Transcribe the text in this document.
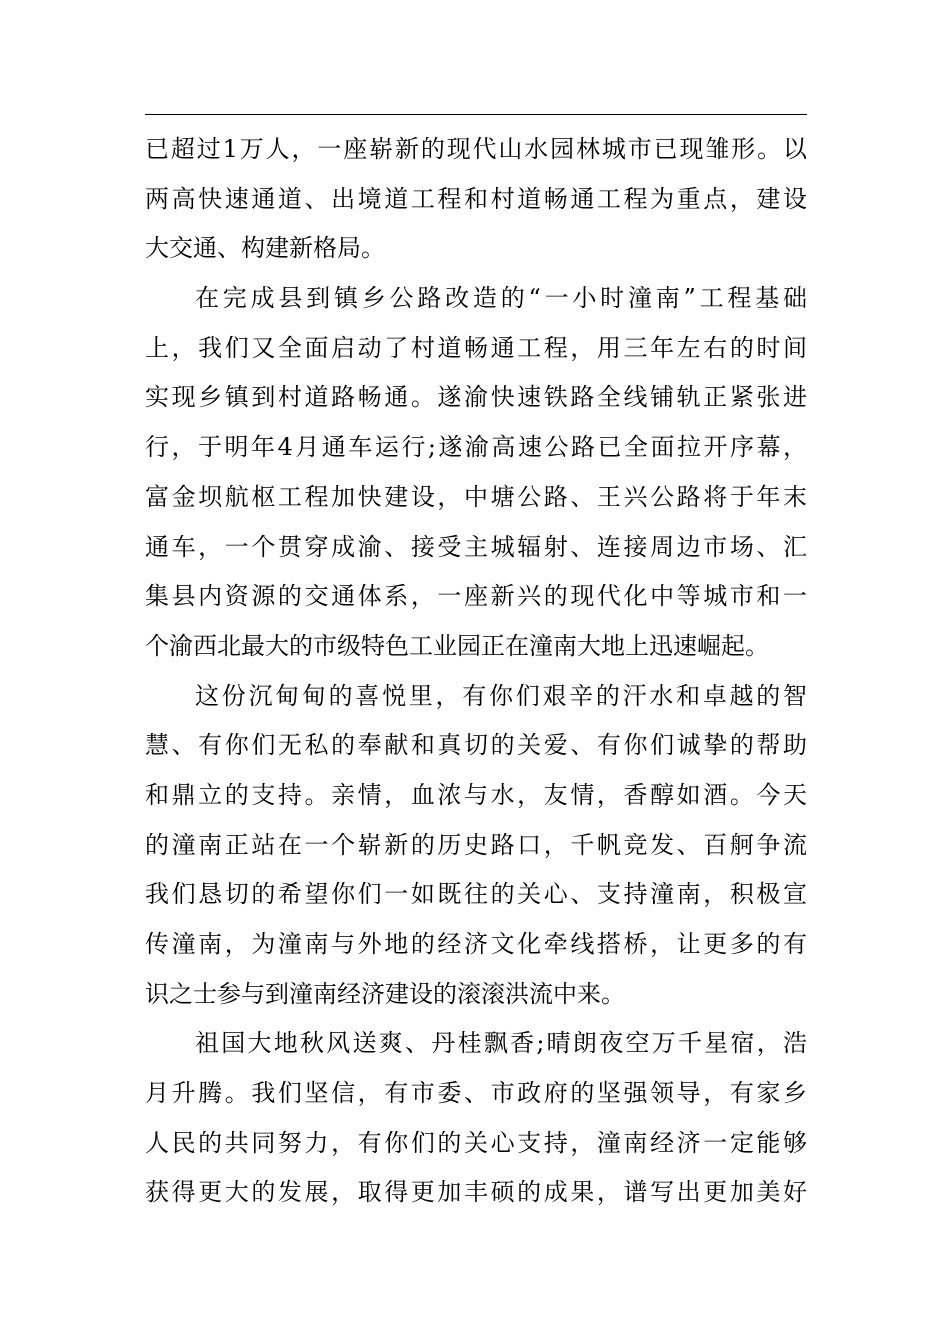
已超过1万人，一座崭新的现代山水园林城市已现雏形。以
两高快速通道、出境道工程和村道畅通工程为重点，建设
大交通、构建新格局。
在完成县到镇乡公路改造的“一小时潼南”工程基础
上，我们又全面启动了村道畅通工程，用三年左右的时间
实现乡镇到村道路畅通。遂渝快速铁路全线铺轨正紧张进
行，于明年4月通车运行;遂渝高速公路已全面拉开序幕，
富金坝航枢工程加快建设，中塘公路、王兴公路将于年末
通车，一个贯穿成渝、接受主城辐射、连接周边市场、汇
集县内资源的交通体系，一座新兴的现代化中等城市和一
个渝西北最大的市级特色工业园正在潼南大地上迅速崛起。
这份沉甸甸的喜悦里，有你们艰辛的汗水和卓越的智
慧、有你们无私的奉献和真切的关爱、有你们诚挚的帮助
和鼎立的支持。亲情，血浓与水，友情，香醇如酒。今天
的潼南正站在一个崭新的历史路口，千帆竞发、百舸争流
我们恳切的希望你们一如既往的关心、支持潼南，积极宣
传潼南，为潼南与外地的经济文化牵线搭桥，让更多的有
识之士参与到潼南经济建设的滚滚洪流中来。
祖国大地秋风送爽、丹桂飘香;晴朗夜空万千星宿，浩
月升腾。我们坚信，有市委、市政府的坚强领导，有家乡
人民的共同努力，有你们的关心支持，潼南经济一定能够
获得更大的发展，取得更加丰硕的成果，谱写出更加美好
